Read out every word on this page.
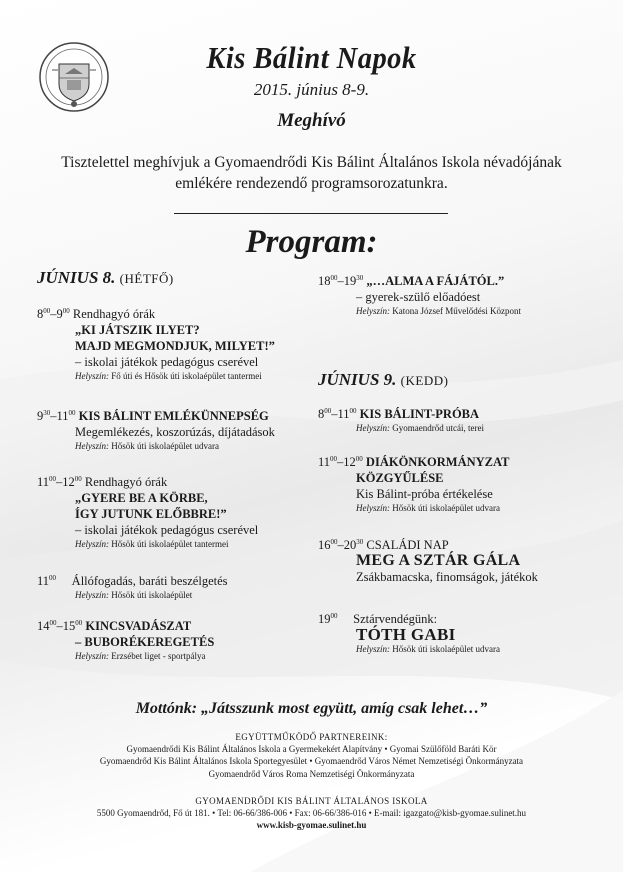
Kis Bálint Napok
2015. június 8-9.
Meghívó
Tisztelettel meghívjuk a Gyomaendrődi Kis Bálint Általános Iskola névadójának
emlékére rendezendő programsorozatunkra.
Program:
JÚNIUS 8. (HÉTFŐ)
$8^{00}-9^{00}$ Rendhagyó órák
„KI JÁTSZIK ILYET?
MAJD MEGMONDJUK, MILYET!”
– iskolai játékok pedagógus cserével
Helyszín: Fő úti és Hősök úti iskolaépület tantermei
$9^{30}-11^{00}$ KIS BÁLINT EMLÉKÜNNEPSÉG
Megemlékezés, koszorúzás, díjátadások
Helyszín: Hősök úti iskolaépület udvara
$11^{00}-12^{00}$ Rendhagyó órák
„GYERE BE A KÖRBE,
ÍGY JUTUNK ELŐBBRE!”
– iskolai játékok pedagógus cserével
Helyszín: Hősök úti iskolaépület tantermei
$11^{00}$ Állófogadás, baráti beszélgetés
Helyszín: Hősök úti iskolaépület
$14^{00}-15^{00}$ KINCSVADÁSZAT
– BUBORÉKEREGETÉS
Helyszín: Erzsébet liget - sportpálya
$18^{00}-19^{30}$ „…ALMA A FÁJÁTÓL.”
– gyerek-szülő előadóest
Helyszín: Katona József Művelődési Központ
JÚNIUS 9. (KEDD)
$8^{00}-11^{00}$ KIS BÁLINT-PRÓBA
Helyszín: Gyomaendrőd utcái, terei
$11^{00}-12^{00}$ DIÁKÖNKORMÁNYZAT
KÖZGYŰLÉSE
Kis Bálint-próba értékelése
Helyszín: Hősök úti iskolaépület udvara
$16^{00}-20^{30}$ CSALÁDI NAP
MEG A SZTÁR GÁLA
Zsákbamacska, finomságok, játékok
$19^{00}$ Sztárvendégünk:
TÓTH GABI
Helyszín: Hősök úti iskolaépület udvara
Mottónk: „Játsszunk most együtt, amíg csak lehet…”
EGYÜTTMŰKÖDŐ PARTNEREINK:
Gyomaendrődi Kis Bálint Általános Iskola a Gyermekekért Alapítvány • Gyomai Szülőföld Baráti Kör
Gyomaendrőd Kis Bálint Általános Iskola Sportegyesület • Gyomaendrőd Város Német Nemzetiségi Önkormányzata
Gyomaendrőd Város Roma Nemzetiségi Önkormányzata
GYOMAENDRŐDI KIS BÁLINT ÁLTALÁNOS ISKOLA
5500 Gyomaendrőd, Fő út 181. • Tel: 06-66/386-006 • Fax: 06-66/386-016 • E-mail: igazgato@kisb-gyomae.sulinet.hu
www.kisb-gyomae.sulinet.hu
